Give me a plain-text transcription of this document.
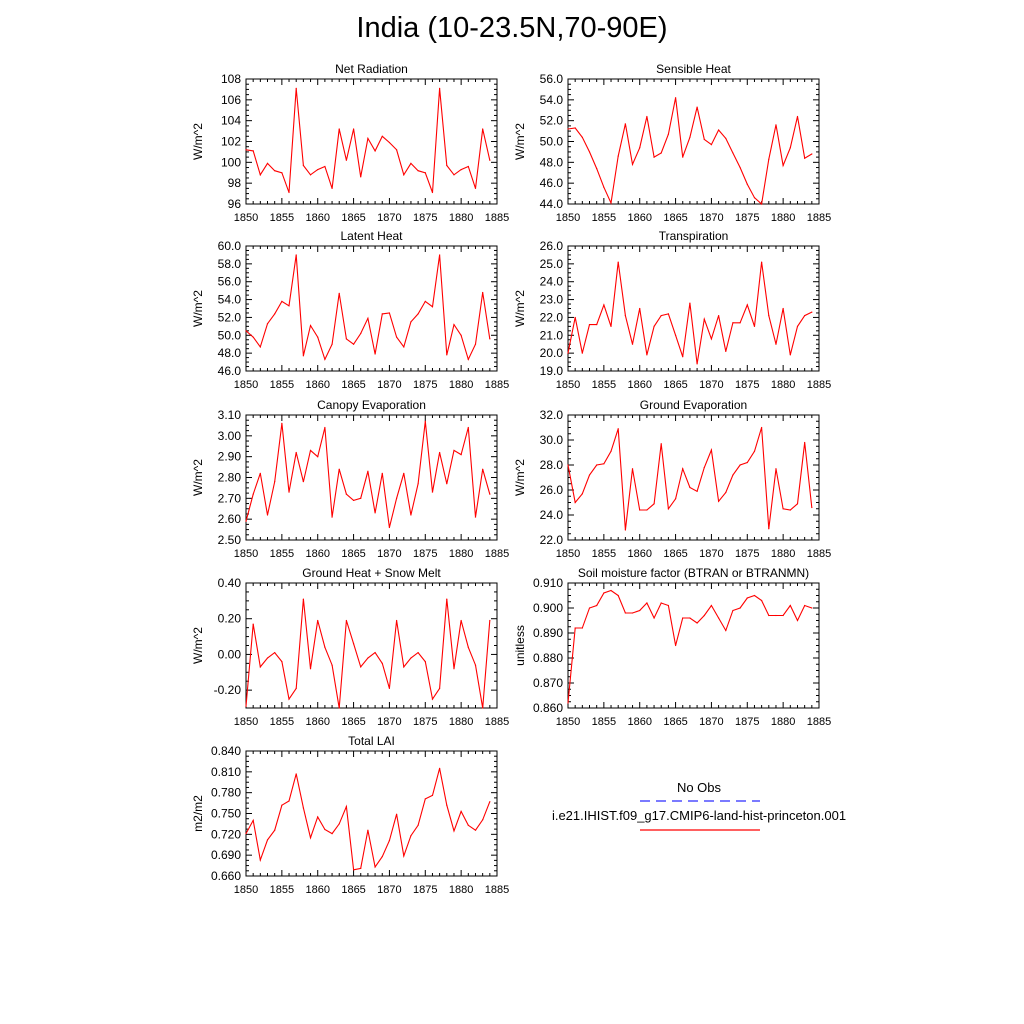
India (10-23.5N,70-90E)
1850 1855 1860 1865 1870 1875 1880 1885
96
98
100
102
104
106
108
Net Radiation
W/m^2
1850 1855 1860 1865 1870 1875 1880 1885
44.0
46.0
48.0
50.0
52.0
54.0
56.0
Sensible Heat
W/m^2
1850 1855 1860 1865 1870 1875 1880 1885
46.0
48.0
50.0
52.0
54.0
56.0
58.0
60.0
Latent Heat
W/m^2
1850 1855 1860 1865 1870 1875 1880 1885
19.0
20.0
21.0
22.0
23.0
24.0
25.0
26.0
Transpiration
W/m^2
1850 1855 1860 1865 1870 1875 1880 1885
2.50
2.60
2.70
2.80
2.90
3.00
3.10
Canopy Evaporation
W/m^2
1850 1855 1860 1865 1870 1875 1880 1885
22.0
24.0
26.0
28.0
30.0
32.0
Ground Evaporation
W/m^2
1850 1855 1860 1865 1870 1875 1880 1885
-0.20
0.00
0.20
0.40
Ground Heat + Snow Melt
W/m^2
1850 1855 1860 1865 1870 1875 1880 1885
0.860
0.870
0.880
0.890
0.900
0.910
Soil moisture factor (BTRAN or BTRANMN)
unitless
1850 1855 1860 1865 1870 1875 1880 1885
0.660
0.690
0.720
0.750
0.780
0.810
0.840
Total LAI
m2/m2
No Obs
i.e21.IHIST.f09_g17.CMIP6-land-hist-princeton.001
